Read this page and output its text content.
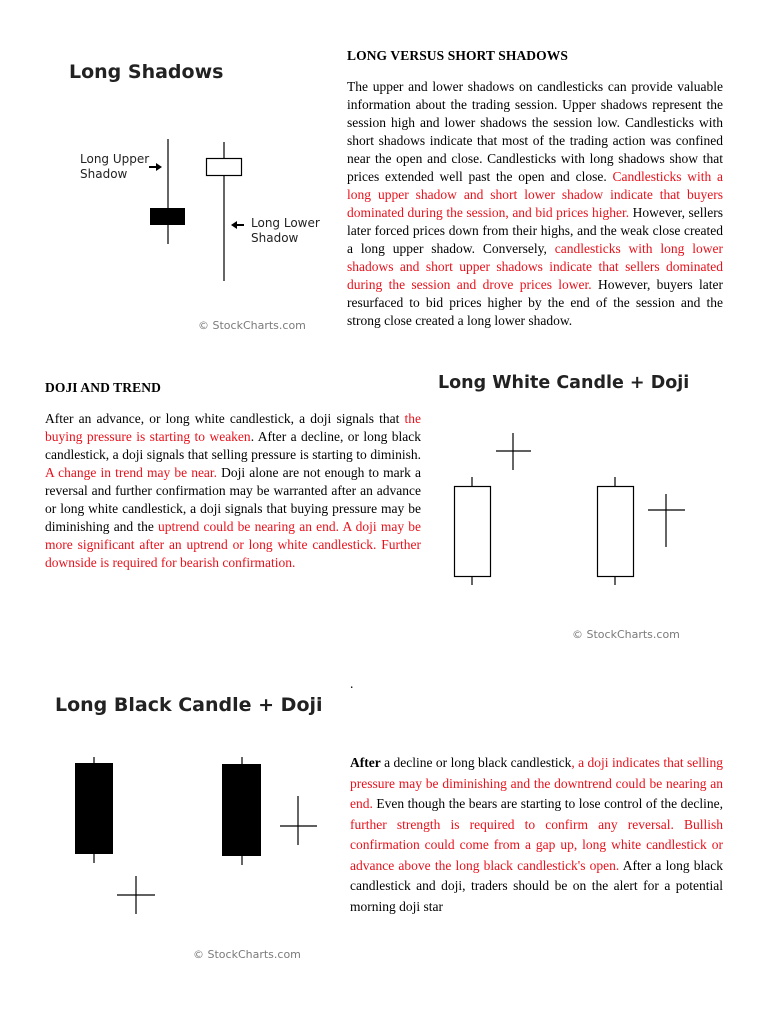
Long Shadows
Long Upper
Shadow
Long Lower
Shadow
© StockCharts.com
LONG VERSUS SHORT SHADOWS

The upper and lower shadows on candlesticks can provide valuable information about the trading session. Upper shadows represent the session high and lower shadows the session low. Candlesticks with short shadows indicate that most of the trading action was confined near the open and close. Candlesticks with long shadows show that prices extended well past the open and close. Candlesticks with a long upper shadow and short lower shadow indicate that buyers dominated during the session, and bid prices higher. However, sellers later forced prices down from their highs, and the weak close created a long upper shadow. Conversely, candlesticks with long lower shadows and short upper shadows indicate that sellers dominated during the session and drove prices lower. However, buyers later resurfaced to bid prices higher by the end of the session and the strong close created a long lower shadow.

DOJI AND TREND

After an advance, or long white candlestick, a doji signals that the buying pressure is starting to weaken. After a decline, or long black candlestick, a doji signals that selling pressure is starting to diminish. A change in trend may be near. Doji alone are not enough to mark a reversal and further confirmation may be warranted after an advance or long white candlestick, a doji signals that buying pressure may be diminishing and the uptrend could be nearing an end. A doji may be more significant after an uptrend or long white candlestick. Further downside is required for bearish confirmation.

Long White Candle + Doji
© StockCharts.com
.
Long Black Candle + Doji
© StockCharts.com

After a decline or long black candlestick, a doji indicates that selling pressure may be diminishing and the downtrend could be nearing an end. Even though the bears are starting to lose control of the decline, further strength is required to confirm any reversal. Bullish confirmation could come from a gap up, long white candlestick or advance above the long black candlestick's open. After a long black candlestick and doji, traders should be on the alert for a potential morning doji star
